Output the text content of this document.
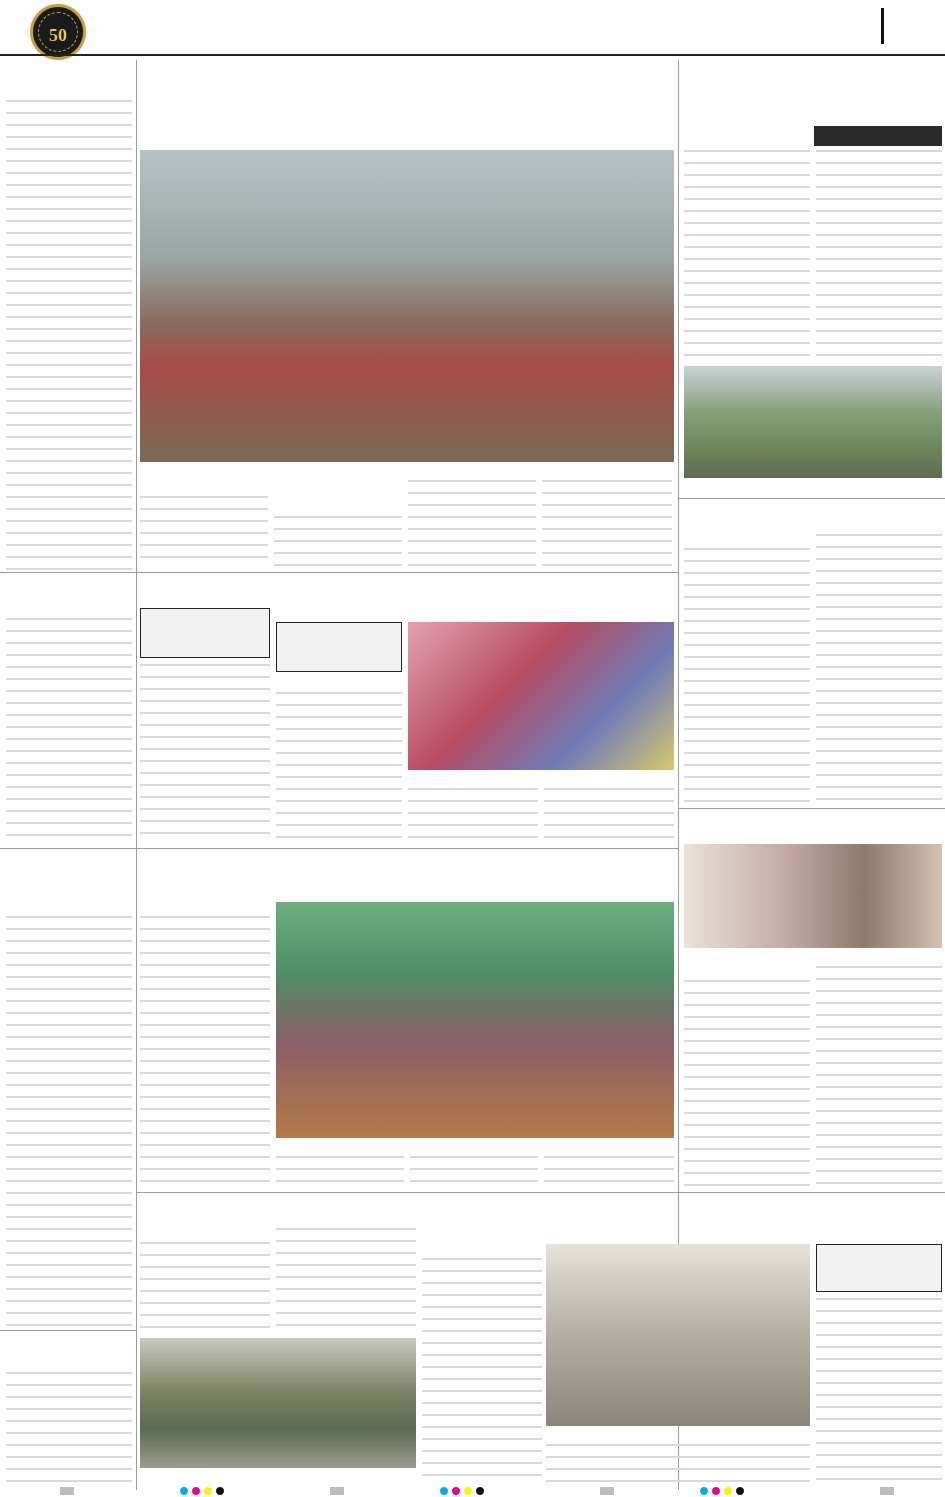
50
